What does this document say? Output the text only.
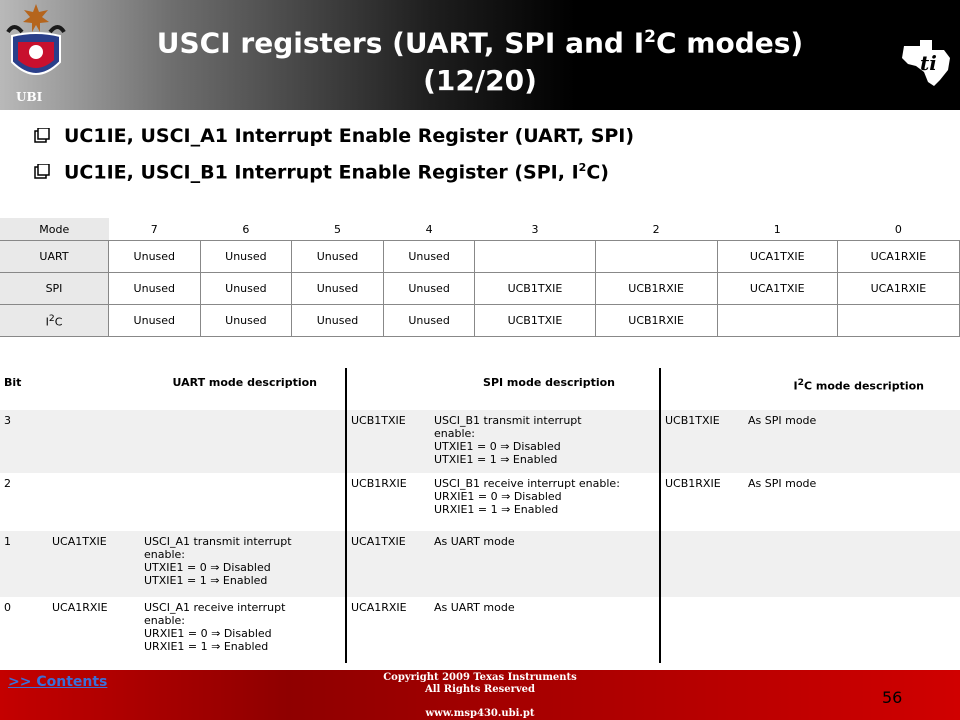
UBI
USCI registers (UART, SPI and $I^2C$ modes)
(12/20)
ti
UC1IE, USCI_A1 Interrupt Enable Register (UART, SPI)
UC1IE, USCI_B1 Interrupt Enable Register (SPI, $I^2C$)
Mode	7	6	5	4	3	2	1	0
UART	Unused	Unused	Unused	Unused			UCA1TXIE	UCA1RXIE
SPI	Unused	Unused	Unused	Unused	UCB1TXIE	UCB1RXIE	UCA1TXIE	UCA1RXIE
$I^2C$	Unused	Unused	Unused	Unused	UCB1TXIE	UCB1RXIE		
Bit	UART mode description		SPI mode description		$I^2C$ mode description	
3			UCB1TXIE	USCI_B1 transmit interrupt
enable:
UTXIE1 = 0 ⇒ Disabled
UTXIE1 = 1 ⇒ Enabled	UCB1TXIE	As SPI mode
2			UCB1RXIE	USCI_B1 receive interrupt enable:
URXIE1 = 0 ⇒ Disabled
URXIE1 = 1 ⇒ Enabled	UCB1RXIE	As SPI mode
1	UCA1TXIE	USCI_A1 transmit interrupt
enable:
UTXIE1 = 0 ⇒ Disabled
UTXIE1 = 1 ⇒ Enabled	UCA1TXIE	As UART mode		
0	UCA1RXIE	USCI_A1 receive interrupt
enable:
URXIE1 = 0 ⇒ Disabled
URXIE1 = 1 ⇒ Enabled	UCA1RXIE	As UART mode		
>> Contents	Copyright 2009 Texas Instruments
All Rights Reserved
www.msp430.ubi.pt
56
